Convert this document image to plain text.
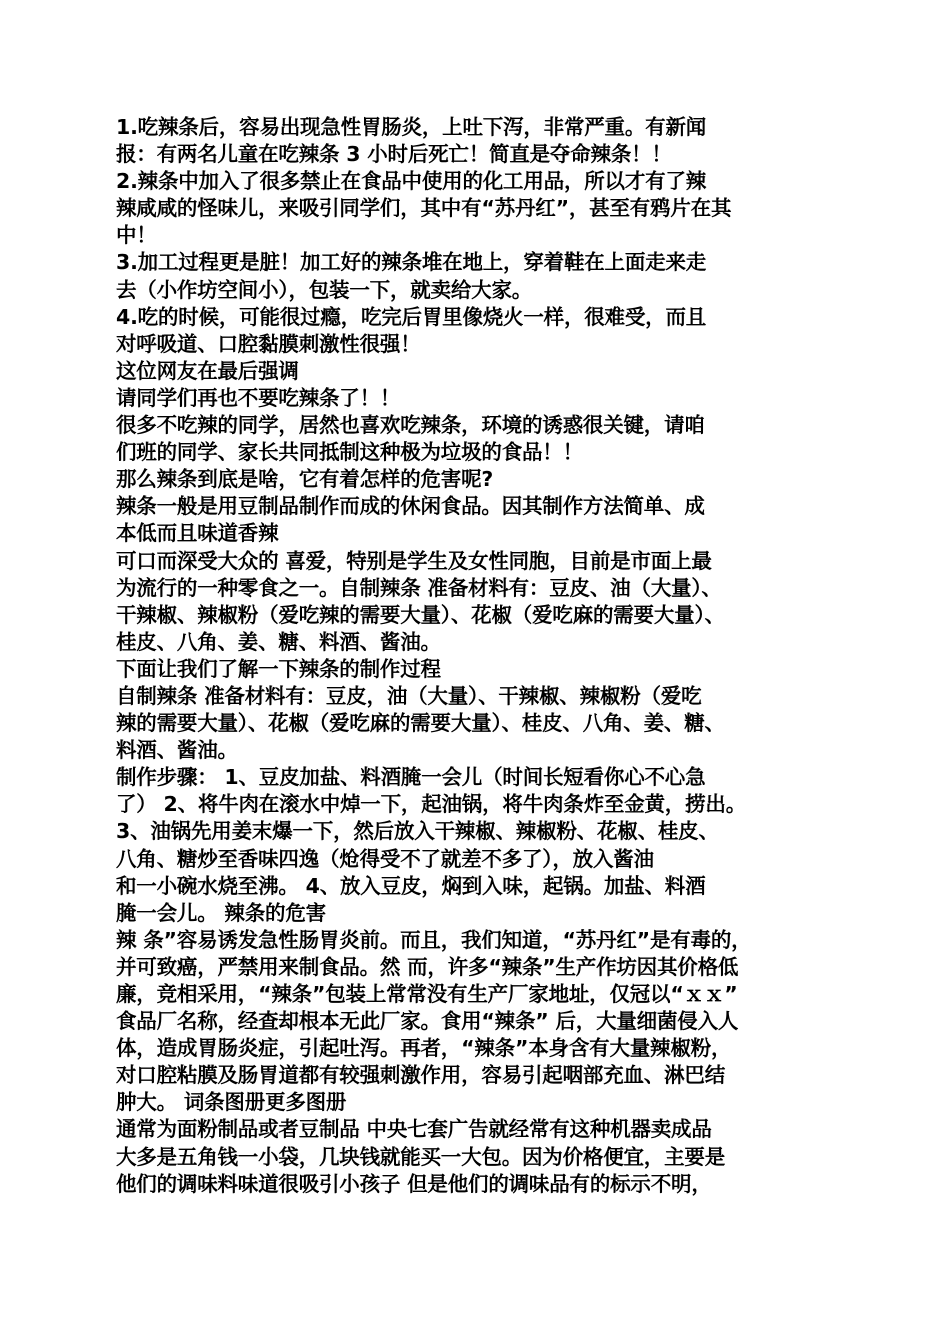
1.吃辣条后，容易出现急性胃肠炎，上吐下泻，非常严重。有新闻
报：有两名儿童在吃辣条 3 小时后死亡！简直是夺命辣条！！
2.辣条中加入了很多禁止在食品中使用的化工用品，所以才有了辣
辣咸咸的怪味儿，来吸引同学们，其中有“苏丹红”，甚至有鸦片在其
中！
3.加工过程更是脏！加工好的辣条堆在地上，穿着鞋在上面走来走
去（小作坊空间小），包装一下，就卖给大家。
4.吃的时候，可能很过瘾，吃完后胃里像烧火一样，很难受，而且
对呼吸道、口腔黏膜刺激性很强！
这位网友在最后强调
请同学们再也不要吃辣条了！！
很多不吃辣的同学，居然也喜欢吃辣条，环境的诱惑很关键，请咱
们班的同学、家长共同抵制这种极为垃圾的食品！！
那么辣条到底是啥，它有着怎样的危害呢?
辣条一般是用豆制品制作而成的休闲食品。因其制作方法简单、成
本低而且味道香辣
可口而深受大众的 喜爱，特别是学生及女性同胞，目前是市面上最
为流行的一种零食之一。自制辣条 准备材料有：豆皮、油（大量）、
干辣椒、辣椒粉（爱吃辣的需要大量）、花椒（爱吃麻的需要大量）、
桂皮、八角、姜、糖、料酒、酱油。
下面让我们了解一下辣条的制作过程
自制辣条 准备材料有：豆皮，油（大量）、干辣椒、辣椒粉（爱吃
辣的需要大量）、花椒（爱吃麻的需要大量）、桂皮、八角、姜、糖、
料酒、酱油。
制作步骤： 1、豆皮加盐、料酒腌一会儿（时间长短看你心不心急
了） 2、将牛肉在滚水中焯一下，起油锅，将牛肉条炸至金黄，捞出。
3、油锅先用姜末爆一下，然后放入干辣椒、辣椒粉、花椒、桂皮、
八角、糖炒至香味四逸（炝得受不了就差不多了），放入酱油
和一小碗水烧至沸。 4、放入豆皮，焖到入味，起锅。加盐、料酒
腌一会儿。 辣条的危害
辣 条”容易诱发急性肠胃炎前。而且，我们知道，“苏丹红”是有毒的，
并可致癌，严禁用来制食品。然 而，许多“辣条”生产作坊因其价格低
廉，竞相采用，“辣条”包装上常常没有生产厂家地址，仅冠以“ｘｘ”
食品厂名称，经查却根本无此厂家。食用“辣条” 后，大量细菌侵入人
体，造成胃肠炎症，引起吐泻。再者，“辣条”本身含有大量辣椒粉，
对口腔粘膜及肠胃道都有较强刺激作用，容易引起咽部充血、淋巴结
肿大。 词条图册更多图册
通常为面粉制品或者豆制品 中央七套广告就经常有这种机器卖成品
大多是五角钱一小袋，几块钱就能买一大包。因为价格便宜，主要是
他们的调味料味道很吸引小孩子 但是他们的调味品有的标示不明，
